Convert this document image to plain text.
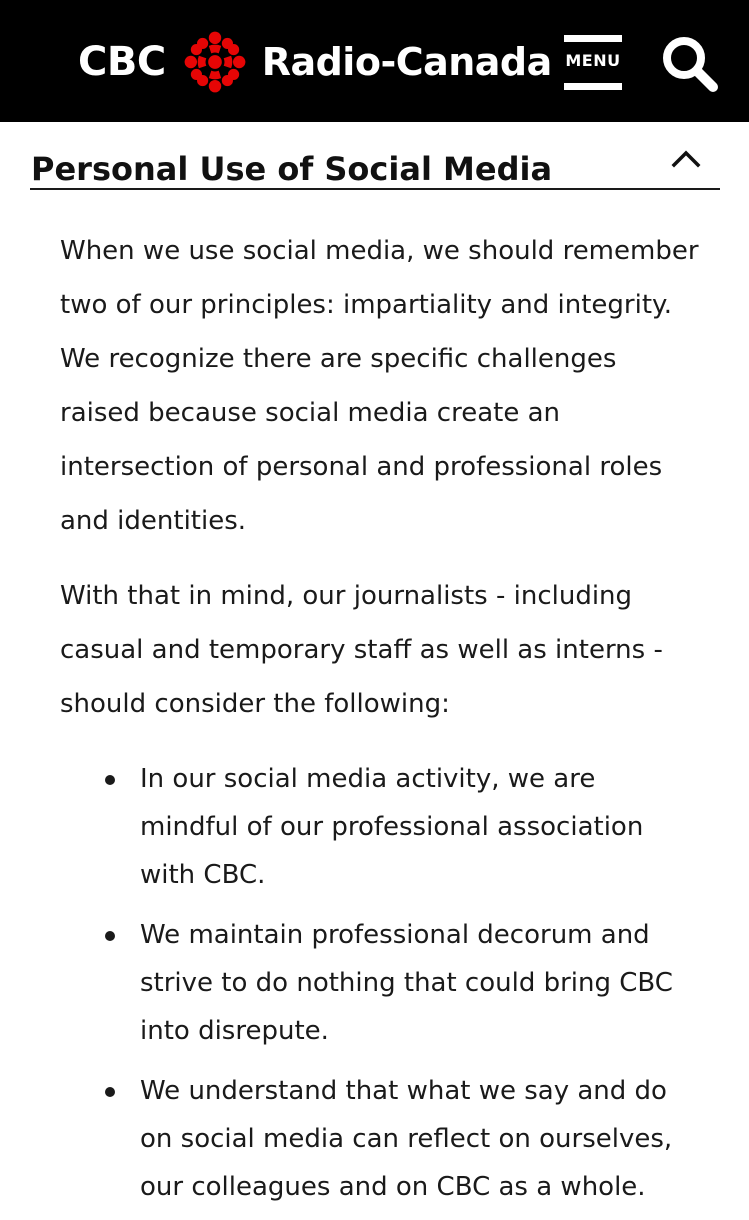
CBC	Radio-Canada MENU
Personal Use of Social Media

When we use social media, we should remember two of our principles: impartiality and integrity. We recognize there are specific challenges raised because social media create an intersection of personal and professional roles and identities.

With that in mind, our journalists - including casual and temporary staff as well as interns - should consider the following:

In our social media activity, we are mindful of our professional association with CBC.
We maintain professional decorum and strive to do nothing that could bring CBC into disrepute.
We understand that what we say and do on social media can reflect on ourselves, our colleagues and on CBC as a whole.
